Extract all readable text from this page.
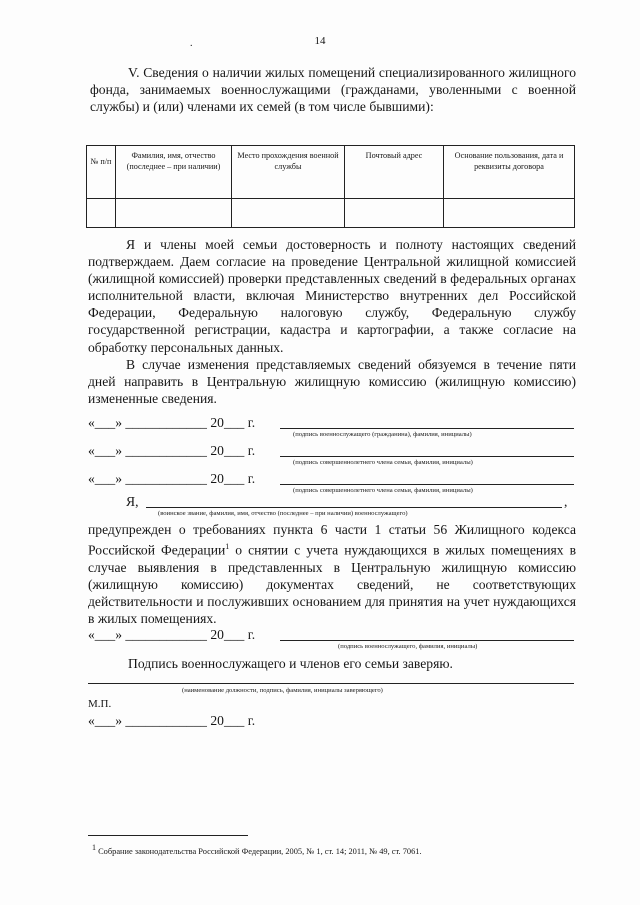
.	14
V. Сведения о наличии жилых помещений специализированного жилищного фонда, занимаемых военнослужащими (гражданами, уволенными с военной службы) и (или) членами их семей (в том числе бывшими):
№ п/п	Фамилия, имя, отчество (последнее – при наличии)	Место прохождения военной службы	Почтовый адрес	Основание пользования, дата и реквизиты договора

Я и члены моей семьи достоверность и полноту настоящих сведений подтверждаем. Даем согласие на проведение Центральной жилищной комиссией (жилищной комиссией) проверки представленных сведений в федеральных органах исполнительной власти, включая Министерство внутренних дел Российской Федерации, Федеральную налоговую службу, Федеральную службу государственной регистрации, кадастра и картографии, а также согласие на обработку персональных данных.

В случае изменения представляемых сведений обязуемся в течение пяти дней направить в Центральную жилищную комиссию (жилищную комиссию) измененные сведения.

«___» ____________ 20___ г.
(подпись военнослужащего (гражданина), фамилия, инициалы)
«___» ____________ 20___ г.
(подпись совершеннолетнего члена семьи, фамилия, инициалы)
«___» ____________ 20___ г.
(подпись совершеннолетнего члена семьи, фамилия, инициалы)
Я,	,
(воинское звание, фамилия, имя, отчество (последнее – при наличии) военнослужащего)

предупрежден о требованиях пункта 6 части 1 статьи 56 Жилищного кодекса Российской Федерации$^1$ о снятии с учета нуждающихся в жилых помещениях в случае выявления в представленных в Центральную жилищную комиссию (жилищную комиссию) документах сведений, не соответствующих действительности и послуживших основанием для принятия на учет нуждающихся в жилых помещениях.

«___» ____________ 20___ г.
(подпись военнослужащего, фамилия, инициалы)
Подпись военнослужащего и членов его семьи заверяю.
(наименование должности, подпись, фамилия, инициалы заверяющего)
М.П.
«___» ____________ 20___ г.
$^1$ Собрание законодательства Российской Федерации, 2005, № 1, ст. 14; 2011, № 49, ст. 7061.
